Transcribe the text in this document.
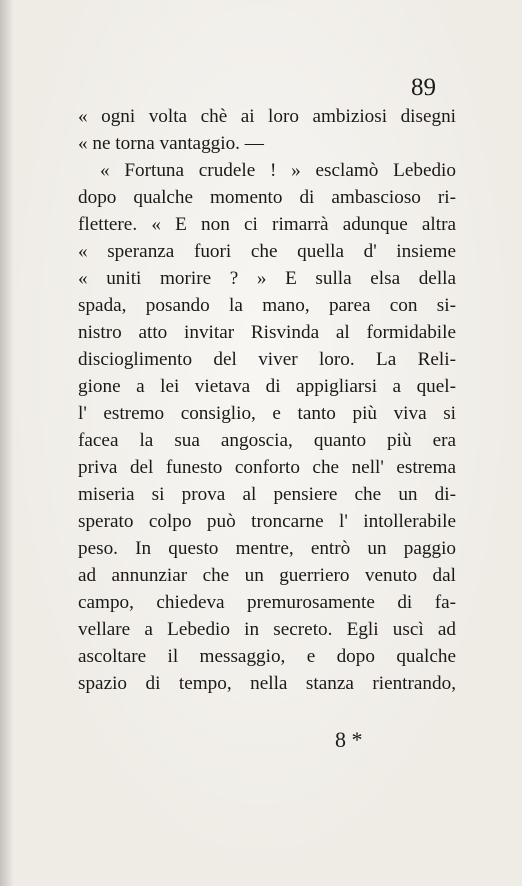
89
« ogni volta chè ai loro ambiziosi disegni
« ne torna vantaggio. —
« Fortuna crudele ! » esclamò Lebedio
dopo qualche momento di ambascioso ri-
flettere. « E non ci rimarrà adunque altra
« speranza fuori che quella d' insieme
« uniti morire ? » E sulla elsa della
spada, posando la mano, parea con si-
nistro atto invitar Risvinda al formidabile
discioglimento del viver loro. La Reli-
gione a lei vietava di appigliarsi a quel-
l' estremo consiglio, e tanto più viva si
facea la sua angoscia, quanto più era
priva del funesto conforto che nell' estrema
miseria si prova al pensiere che un di-
sperato colpo può troncarne l' intollerabile
peso. In questo mentre, entrò un paggio
ad annunziar che un guerriero venuto dal
campo, chiedeva premurosamente di fa-
vellare a Lebedio in secreto. Egli uscì ad
ascoltare il messaggio, e dopo qualche
spazio di tempo, nella stanza rientrando,
8 *
